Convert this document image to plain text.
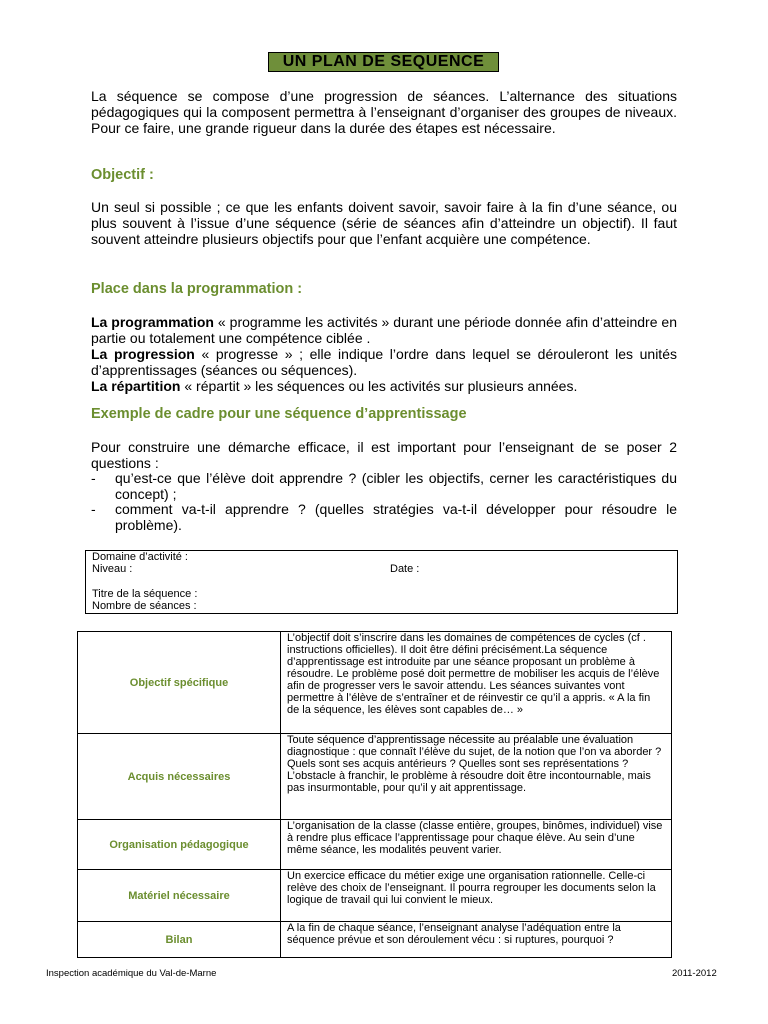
UN PLAN DE SEQUENCE
La séquence se compose d’une progression de séances. L’alternance des situations pédagogiques qui la composent permettra à l’enseignant d’organiser des groupes de niveaux. Pour ce faire, une grande rigueur dans la durée des étapes est nécessaire.
Objectif :
Un seul si possible ; ce que les enfants doivent savoir, savoir faire à la fin d’une séance, ou plus souvent à l’issue d’une séquence (série de séances afin d’atteindre un objectif). Il faut souvent atteindre plusieurs objectifs pour que l’enfant acquière une compétence.
Place dans la programmation :
La programmation « programme les activités » durant une période donnée afin d’atteindre en partie ou totalement une compétence ciblée .
La progression « progresse » ; elle indique l’ordre dans lequel se dérouleront les unités d’apprentissages (séances ou séquences).
La répartition « répartit » les séquences ou les activités sur plusieurs années.
Exemple de cadre pour une séquence d’apprentissage
Pour construire une démarche efficace, il est important pour l’enseignant de se poser 2 questions :
- qu’est-ce que l’élève doit apprendre ? (cibler les objectifs, cerner les caractéristiques du concept) ;
- comment va-t-il apprendre ? (quelles stratégies va-t-il développer pour résoudre le problème).
Domaine d’activité :
Niveau :	Date :
Titre de la séquence :
Nombre de séances :
Objectif spécifique	L’objectif doit s’inscrire dans les domaines de compétences de cycles (cf . instructions officielles). Il doit être défini précisément.La séquence d’apprentissage est introduite par une séance proposant un problème à résoudre. Le problème posé doit permettre de mobiliser les acquis de l’élève afin de progresser vers le savoir attendu. Les séances suivantes vont permettre à l’élève de s’entraîner et de réinvestir ce qu’il a appris. « A la fin de la séquence, les élèves sont capables de… »
Acquis nécessaires	Toute séquence d’apprentissage nécessite au préalable une évaluation diagnostique : que connaît l’élève du sujet, de la notion que l’on va aborder ? Quels sont ses acquis antérieurs ? Quelles sont ses représentations ?
L’obstacle à franchir, le problème à résoudre doit être incontournable, mais pas insurmontable, pour qu’il y ait apprentissage.
Organisation pédagogique	L’organisation de la classe (classe entière, groupes, binômes, individuel) vise à rendre plus efficace l’apprentissage pour chaque élève. Au sein d’une même séance, les modalités peuvent varier.
Matériel nécessaire	Un exercice efficace du métier exige une organisation rationnelle. Celle-ci relève des choix de l’enseignant. Il pourra regrouper les documents selon la logique de travail qui lui convient le mieux.
Bilan	A la fin de chaque séance, l’enseignant analyse l’adéquation entre la séquence prévue et son déroulement vécu : si ruptures, pourquoi ?
Inspection académique du Val-de-Marne	2011-2012
